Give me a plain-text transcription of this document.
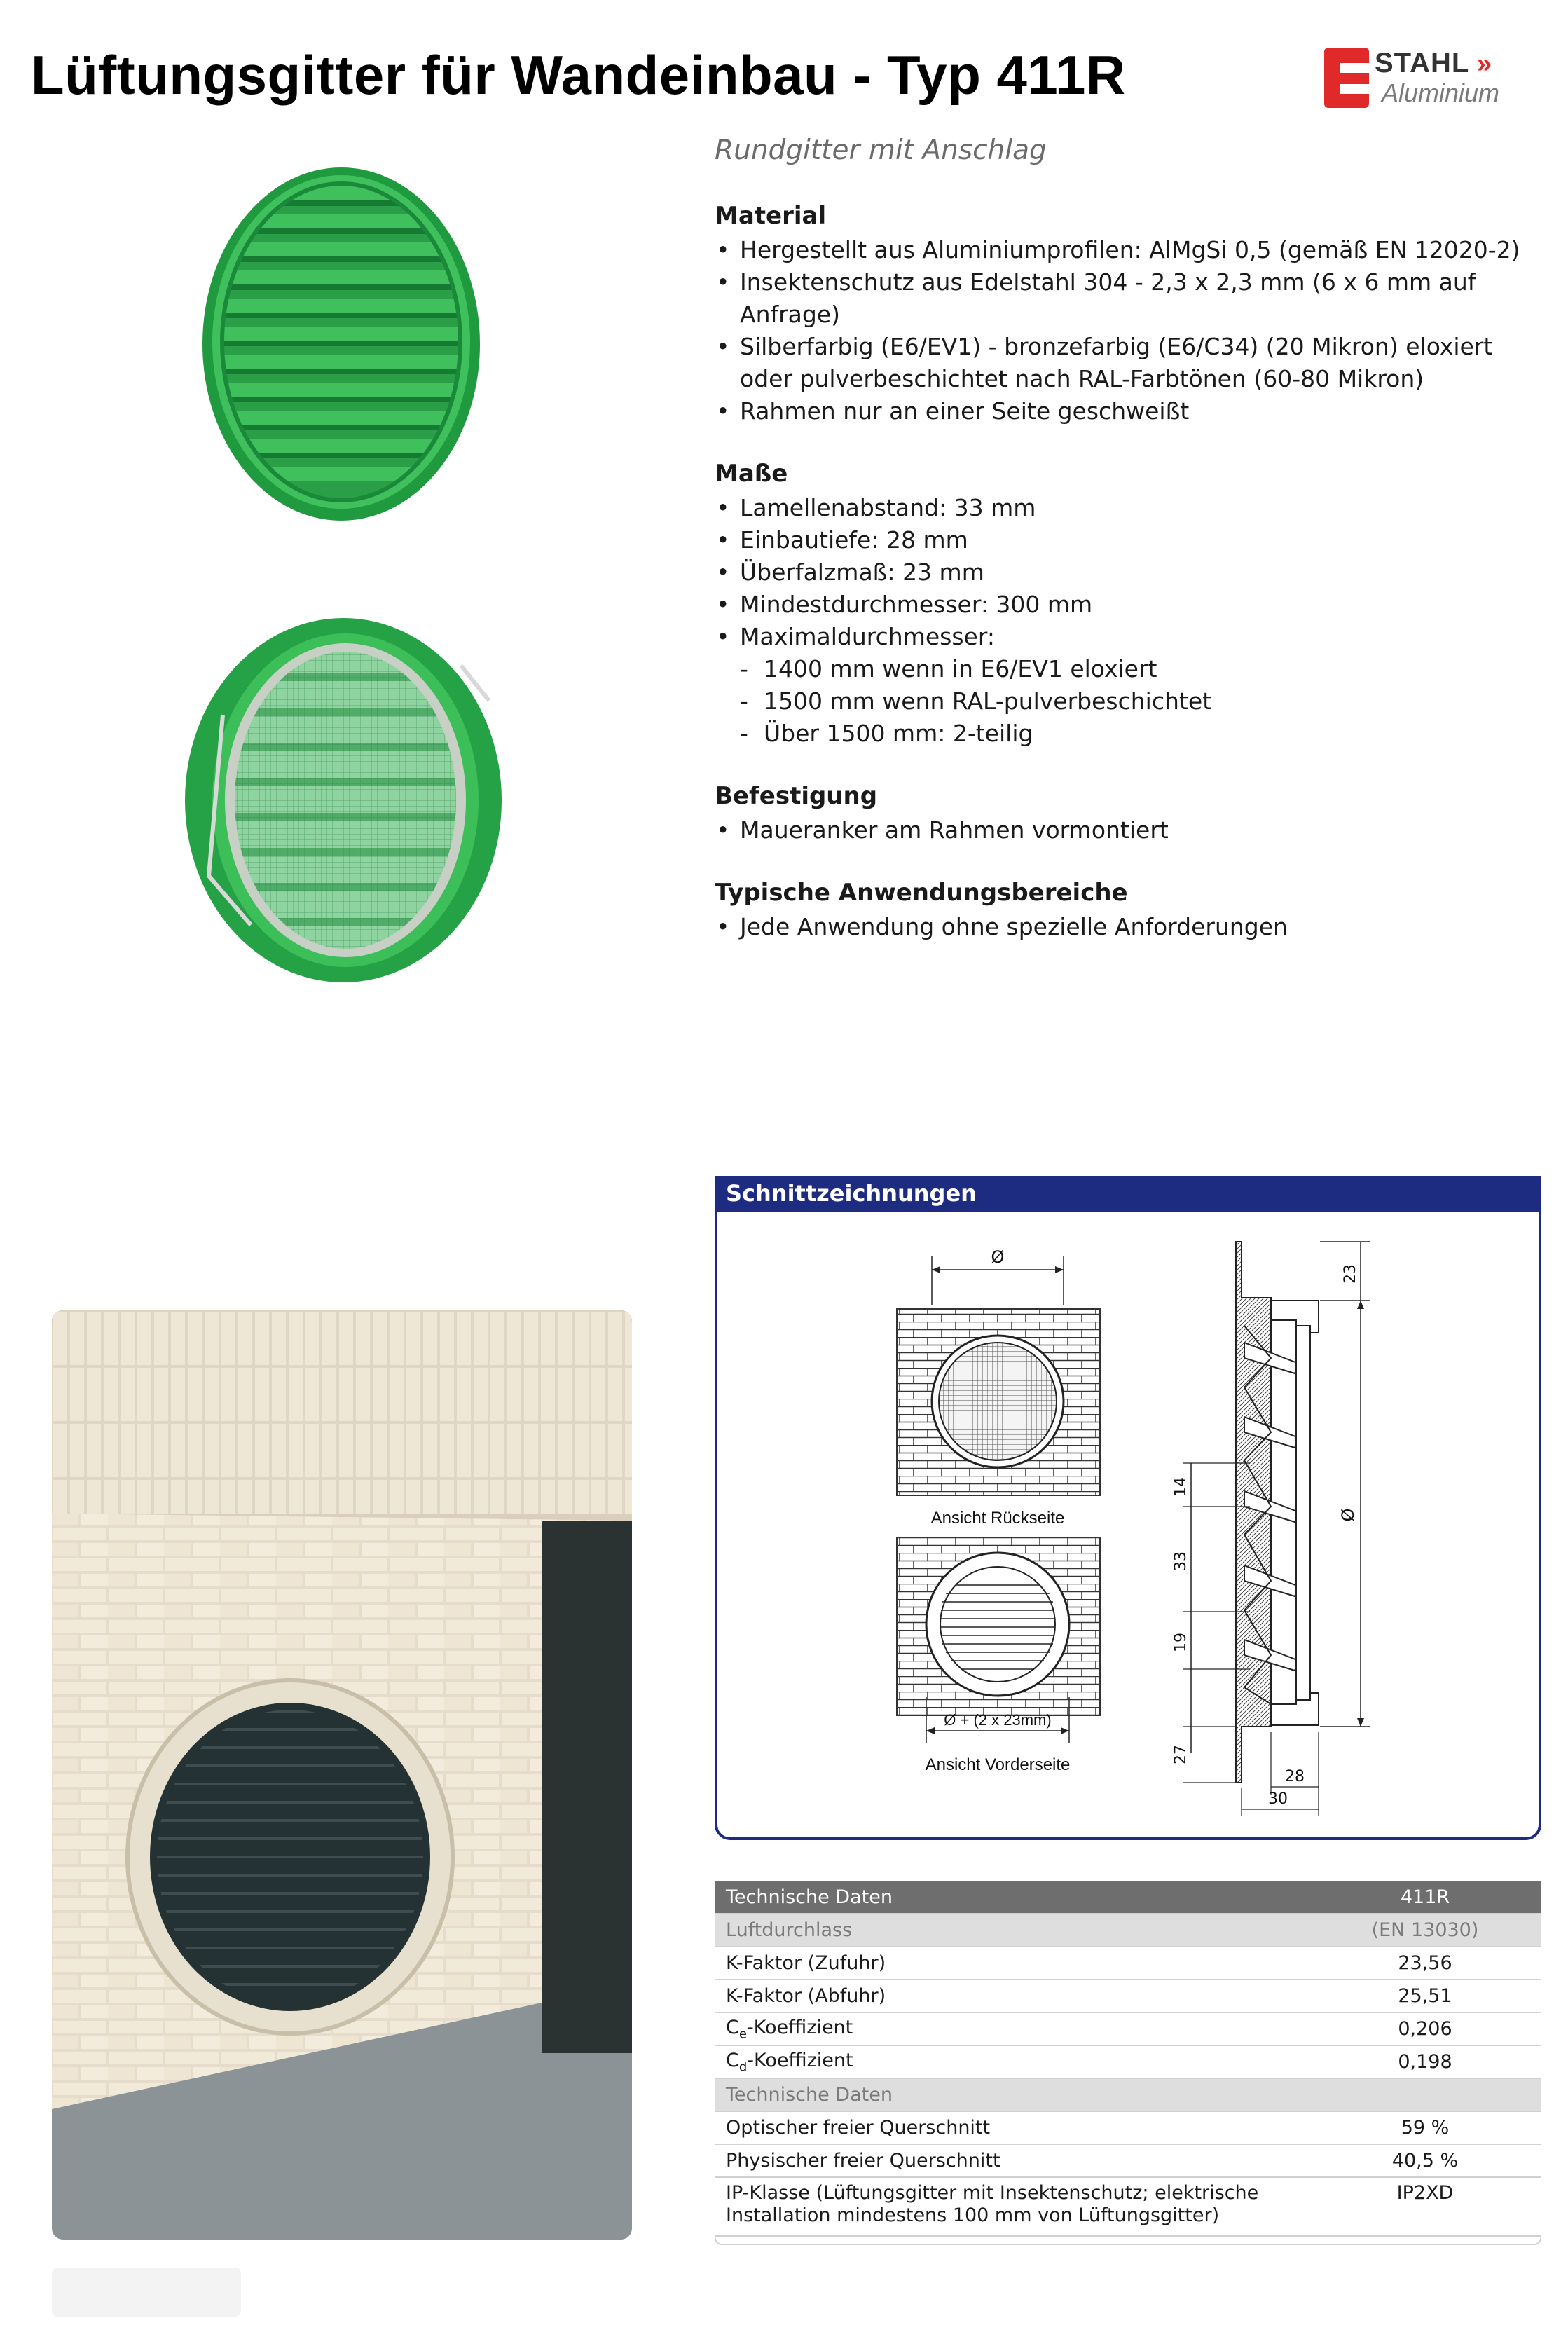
Lüftungsgitter für Wandeinbau - Typ 411R	STAHL »
Aluminium
Rundgitter mit Anschlag
Material
• Hergestellt aus Aluminiumprofilen: AlMgSi 0,5 (gemäß EN 12020-2)
• Insektenschutz aus Edelstahl 304 - 2,3 x 2,3 mm (6 x 6 mm auf Anfrage)
• Silberfarbig (E6/EV1) - bronzefarbig (E6/C34) (20 Mikron) eloxiert oder pulverbeschichtet nach RAL-Farbtönen (60-80 Mikron)
• Rahmen nur an einer Seite geschweißt
Maße
• Lamellenabstand: 33 mm
• Einbautiefe: 28 mm
• Überfalzmaß: 23 mm
• Mindestdurchmesser: 300 mm
• Maximaldurchmesser:
- 1400 mm wenn in E6/EV1 eloxiert
- 1500 mm wenn RAL-pulverbeschichtet
- Über 1500 mm: 2-teilig
Befestigung
• Maueranker am Rahmen vormontiert
Typische Anwendungsbereiche
• Jede Anwendung ohne spezielle Anforderungen
Schnittzeichnungen
Ø
Ansicht Rückseite
Ø + (2 x 23mm)
Ansicht Vorderseite
23
Ø
14
33
19
27
28
30
Technische Daten	411R
Luftdurchlass	(EN 13030)
K-Faktor (Zufuhr)	23,56
K-Faktor (Abfuhr)	25,51
$C_e$-Koeffizient	0,206
$C_d$-Koeffizient	0,198
Technische Daten	
Optischer freier Querschnitt	59 %
Physischer freier Querschnitt	40,5 %

IP-Klasse (Lüftungsgitter mit Insektenschutz; elektrische
Installation mindestens 100 mm von Lüftungsgitter)	IP2XD
